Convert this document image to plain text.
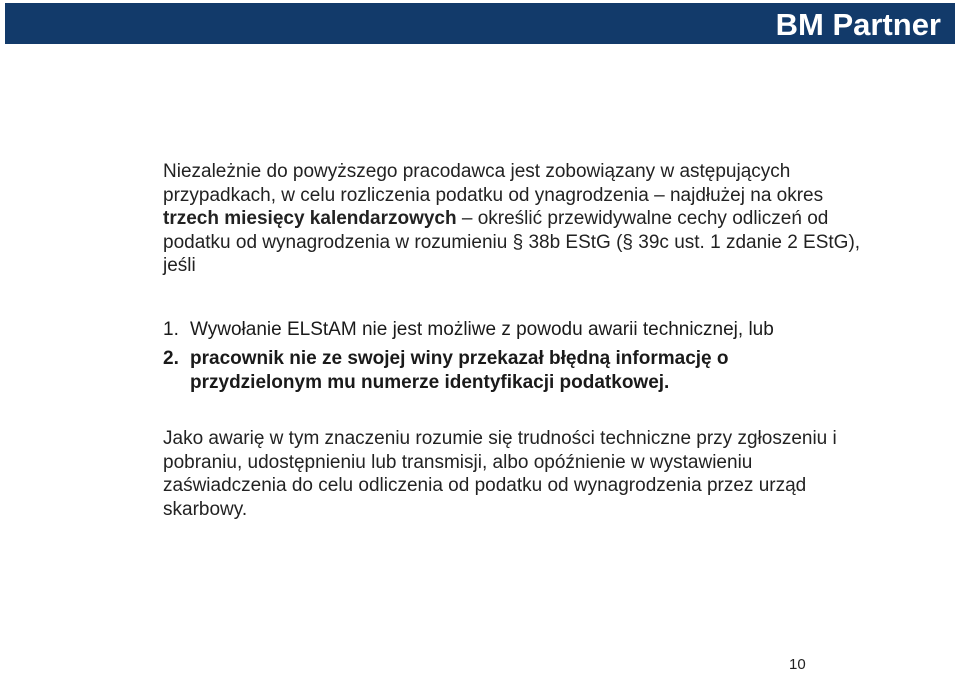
BM Partner

Niezależnie do powyższego pracodawca jest zobowiązany w astępujących przypadkach, w celu rozliczenia podatku od ynagrodzenia – najdłużej na okres trzech miesięcy kalendarzowych – określić przewidywalne cechy odliczeń od podatku od wynagrodzenia w rozumieniu § 38b EStG (§ 39c ust. 1 zdanie 2 EStG), jeśli

1. Wywołanie ELStAM nie jest możliwe z powodu awarii technicznej, lub
2. pracownik nie ze swojej winy przekazał błędną informację o przydzielonym mu numerze identyfikacji podatkowej.

Jako awarię w tym znaczeniu rozumie się trudności techniczne przy zgłoszeniu i pobraniu, udostępnieniu lub transmisji, albo opóźnienie w wystawieniu zaświadczenia do celu odliczenia od podatku od wynagrodzenia przez urząd skarbowy.

10
